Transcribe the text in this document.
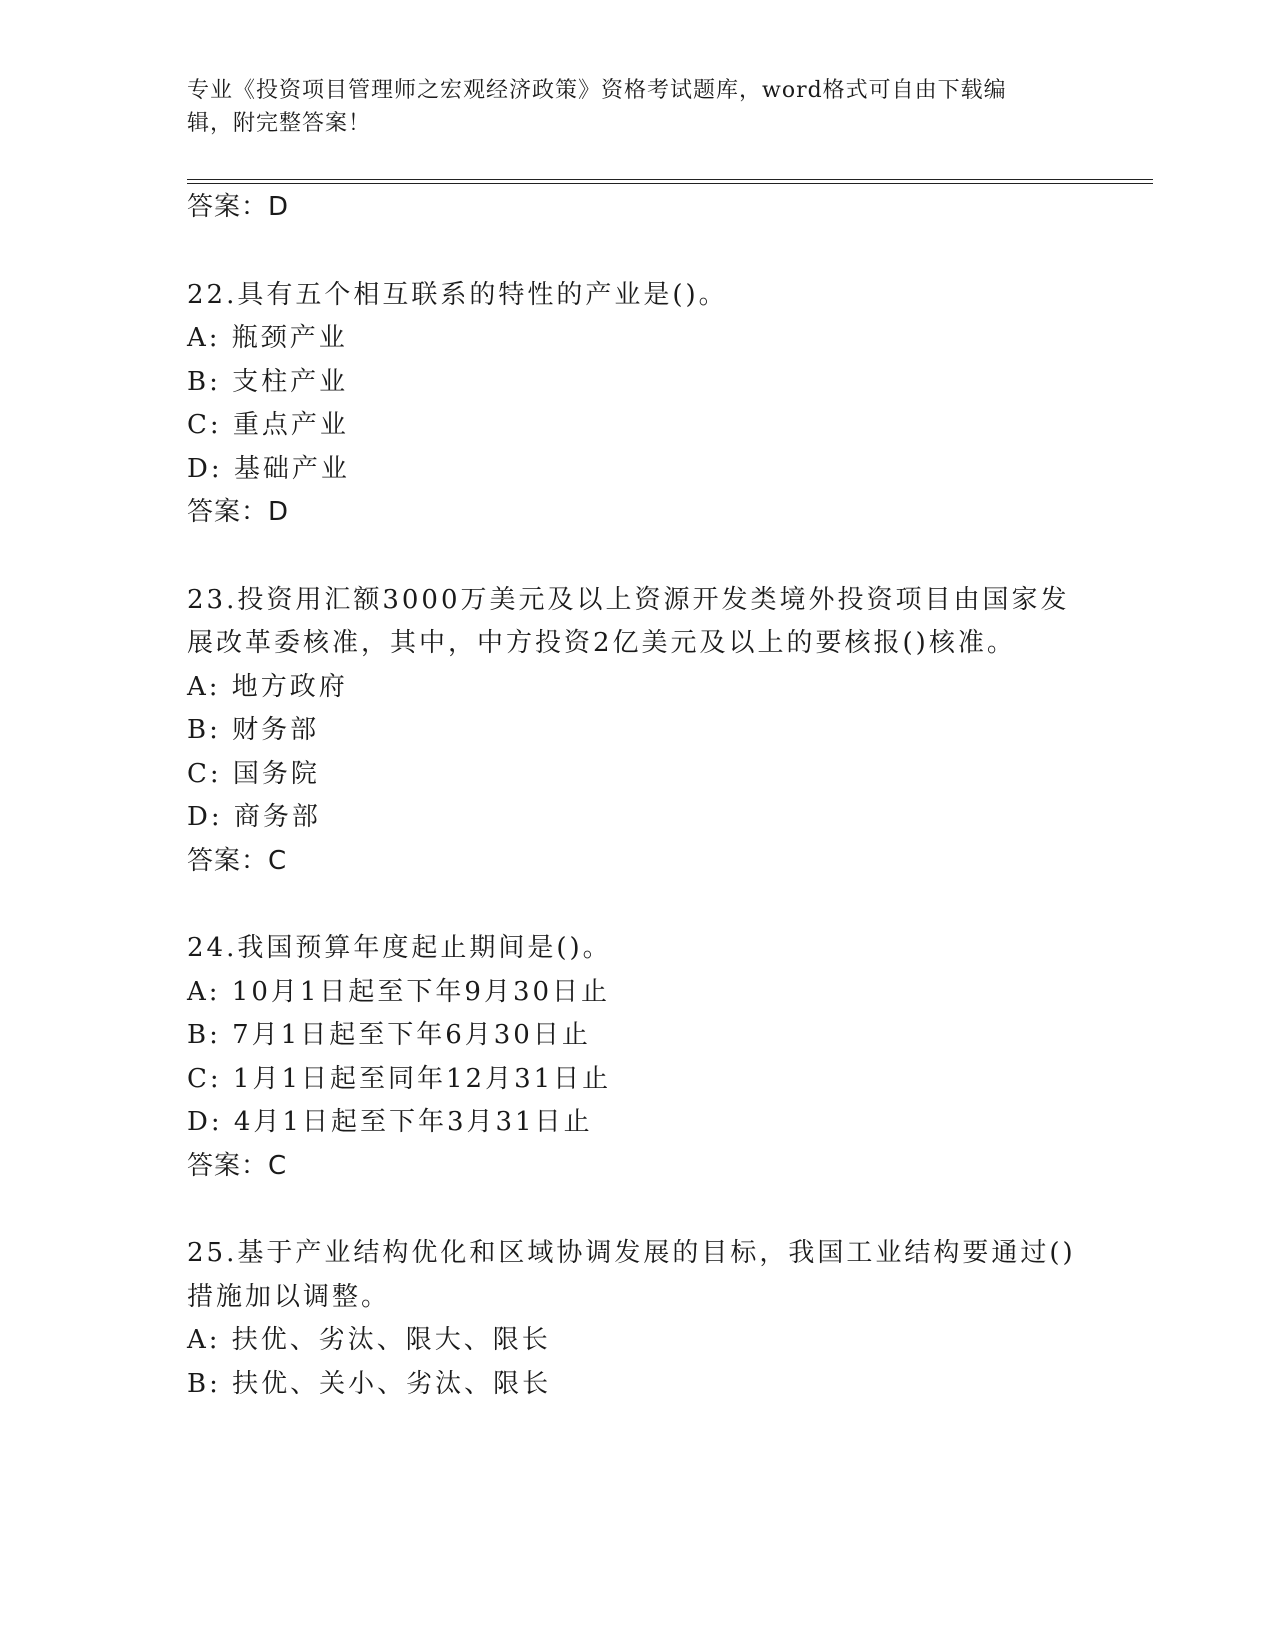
专业《投资项目管理师之宏观经济政策》资格考试题库，word格式可自由下载编
辑，附完整答案！
答案：D
22.具有五个相互联系的特性的产业是()。
A: 瓶颈产业
B: 支柱产业
C: 重点产业
D: 基础产业
答案：D
23.投资用汇额3000万美元及以上资源开发类境外投资项目由国家发
展改革委核准，其中，中方投资2亿美元及以上的要核报()核准。
A: 地方政府
B: 财务部
C: 国务院
D: 商务部
答案：C
24.我国预算年度起止期间是()。
A: 10月1日起至下年9月30日止
B: 7月1日起至下年6月30日止
C: 1月1日起至同年12月31日止
D: 4月1日起至下年3月31日止
答案：C
25.基于产业结构优化和区域协调发展的目标，我国工业结构要通过()
措施加以调整。
A: 扶优、劣汰、限大、限长
B: 扶优、关小、劣汰、限长
